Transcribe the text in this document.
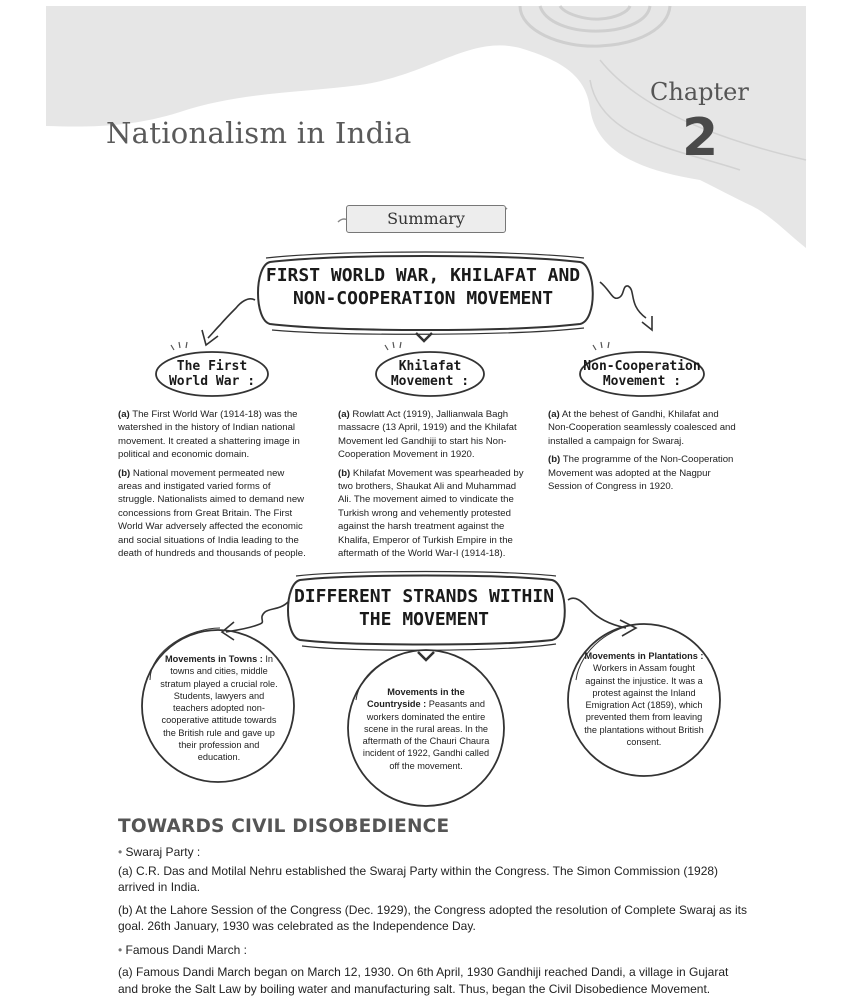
Nationalism in India
Chapter
2
Summary
FIRST WORLD WAR, KHILAFAT AND
NON-COOPERATION MOVEMENT
The First
World War :
Khilafat
Movement :
Non-Cooperation
Movement :

(a) The First World War (1914-18) was the watershed in the history of Indian national movement. It created a shattering image in political and economic domain.

(b) National movement permeated new areas and instigated varied forms of struggle. Nationalists aimed to demand new concessions from Great Britain. The First World War adversely affected the economic and social situations of India leading to the death of hundreds and thousands of people.

(a) Rowlatt Act (1919), Jallianwala Bagh massacre (13 April, 1919) and the Khilafat Movement led Gandhiji to start his Non-Cooperation Movement in 1920.

(b) Khilafat Movement was spearheaded by two brothers, Shaukat Ali and Muhammad Ali. The movement aimed to vindicate the Turkish wrong and vehemently protested against the harsh treatment against the Khalifa, Emperor of Turkish Empire in the aftermath of the World War-I (1914-18).

(a) At the behest of Gandhi, Khilafat and Non-Cooperation seamlessly coalesced and installed a campaign for Swaraj.

(b) The programme of the Non-Cooperation Movement was adopted at the Nagpur Session of Congress in 1920.

DIFFERENT STRANDS WITHIN
THE MOVEMENT
Movements in Towns : In towns and cities, middle stratum played a crucial role. Students, lawyers and teachers adopted non-cooperative attitude towards the British rule and gave up their profession and education.
Movements in the Countryside : Peasants and workers dominated the entire scene in the rural areas. In the aftermath of the Chauri Chaura incident of 1922, Gandhi called off the movement.
Movements in Plantations : Workers in Assam fought against the injustice. It was a protest against the Inland Emigration Act (1859), which prevented them from leaving the plantations without British consent.
TOWARDS CIVIL DISOBEDIENCE

• Swaraj Party :

(a) C.R. Das and Motilal Nehru established the Swaraj Party within the Congress. The Simon Commission (1928) arrived in India.

(b) At the Lahore Session of the Congress (Dec. 1929), the Congress adopted the resolution of Complete Swaraj as its goal. 26th January, 1930 was celebrated as the Independence Day.

• Famous Dandi March :

(a) Famous Dandi March began on March 12, 1930. On 6th April, 1930 Gandhiji reached Dandi, a village in Gujarat and broke the Salt Law by boiling water and manufacturing salt. Thus, began the Civil Disobedience Movement.
